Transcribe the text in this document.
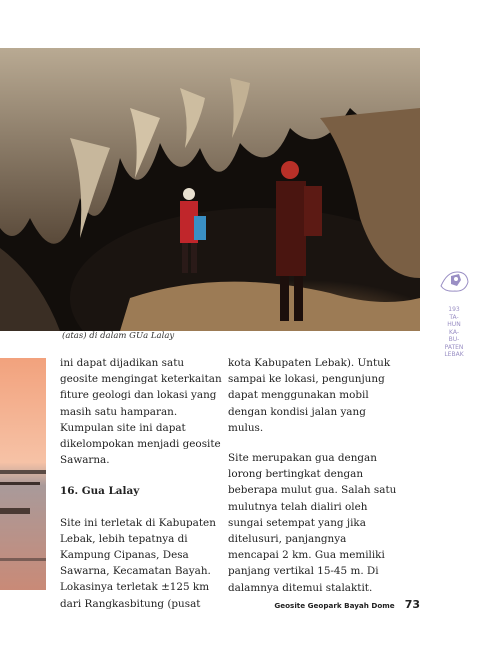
(atas) di dalam GUa Lalay

ini dapat dijadikan satu geosite mengingat keterkaitan fiture geologi dan lokasi yang masih satu hamparan. Kumpulan site ini dapat dikelompokan menjadi geosite Sawarna.

16. Gua Lalay

Site ini terletak di Kabupaten Lebak, lebih tepatnya di Kampung Cipanas, Desa Sawarna, Kecamatan Bayah. Lokasinya terletak ±125 km dari Rangkasbitung (pusat

kota Kabupaten Lebak). Untuk sampai ke lokasi, pengunjung dapat menggunakan mobil dengan kondisi jalan yang mulus.

Site merupakan gua dengan lorong bertingkat dengan beberapa mulut gua. Salah satu mulutnya telah dialiri oleh sungai setempat yang jika ditelusuri, panjangnya mencapai 2 km. Gua memiliki panjang vertikal 15-45 m. Di dalamnya ditemui stalaktit.

193
TA-
HUN
KA-
BU-
PATEN
LEBAK
Geosite Geopark Bayah Dome 73
